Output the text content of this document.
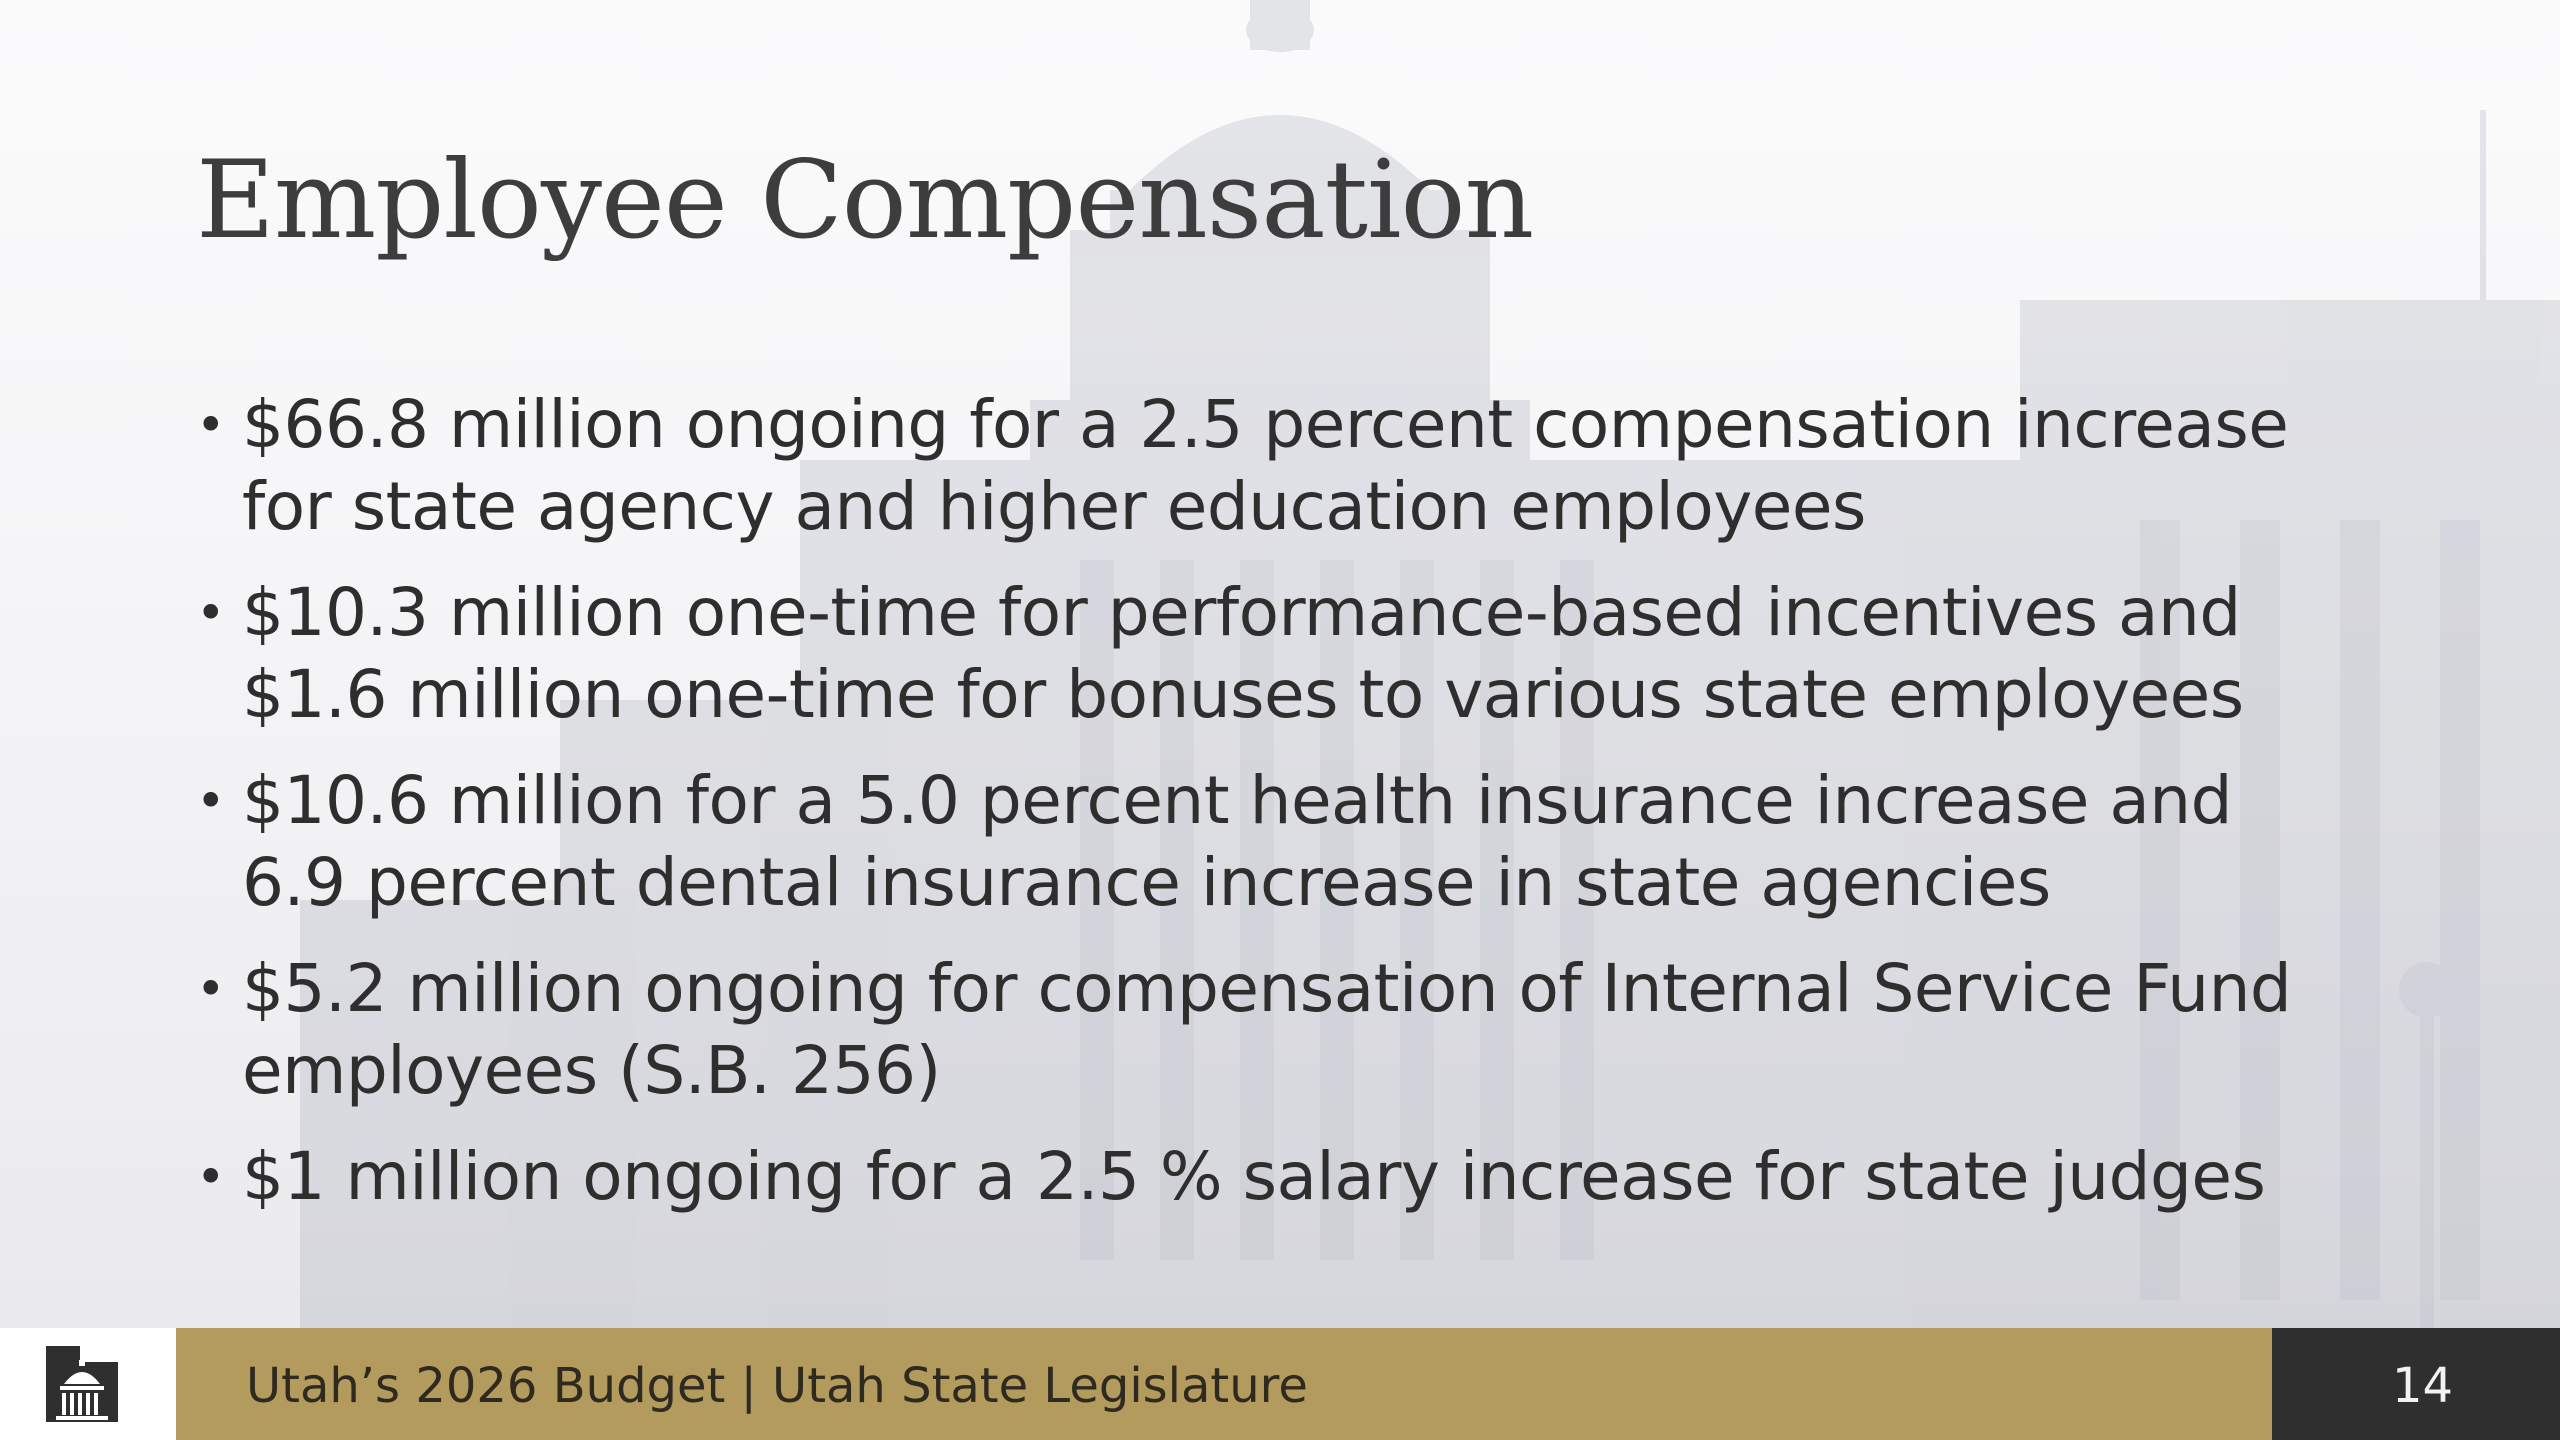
Employee Compensation
• $66.8 million ongoing for a 2.5 percent compensation increase
for state agency and higher education employees
• $10.3 million one-time for performance-based incentives and
$1.6 million one-time for bonuses to various state employees
• $10.6 million for a 5.0 percent health insurance increase and
6.9 percent dental insurance increase in state agencies
• $5.2 million ongoing for compensation of Internal Service Fund
employees (S.B. 256)
• $1 million ongoing for a 2.5 % salary increase for state judges
Utah’s 2026 Budget | Utah State Legislature	14
